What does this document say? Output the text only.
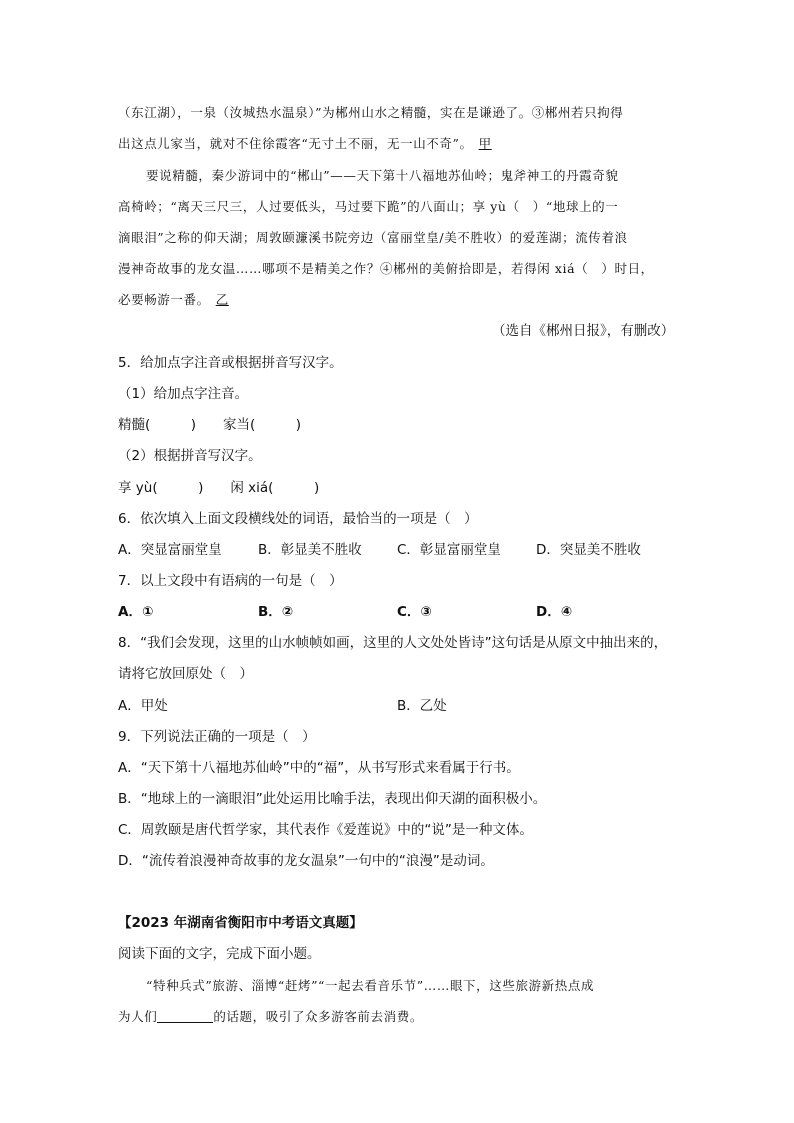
（东江湖），一泉（汝城热水温泉）”为郴州山水之精髓，实在是谦逊了。③郴州若只拘得
出这点儿家当，就对不住徐霞客“无寸土不丽，无一山不奇”。 甲
要说精髓，秦少游词中的“郴山”——天下第十八福地苏仙岭；鬼斧神工的丹霞奇貌
高椅岭；“离天三尺三，人过要低头，马过要下跪”的八面山；享 yù（　）“地球上的一
滴眼泪”之称的仰天湖；周敦颐濂溪书院旁边（富丽堂皇/美不胜收）的爱莲湖；流传着浪
漫神奇故事的龙女温……哪项不是精美之作？④郴州的美俯拾即是，若得闲 xiá（　）时日，
必要畅游一番。 乙
（选自《郴州日报》，有删改）
5．给加点字注音或根据拼音写汉字。
（1）给加点字注音。
精髓(　　　)　　家当(　　　)
（2）根据拼音写汉字。
享 yù(　　　)　　闲 xiá(　　　)
6．依次填入上面文段横线处的词语，最恰当的一项是（　）
A．突显富丽堂皇	B．彰显美不胜收	C．彰显富丽堂皇	D．突显美不胜收
7．以上文段中有语病的一句是（　）
A．①	B．②	C．③	D．④
8．“我们会发现，这里的山水帧帧如画，这里的人文处处皆诗”这句话是从原文中抽出来的，
请将它放回原处（　）
A．甲处	B．乙处
9．下列说法正确的一项是（　）
A．“天下第十八福地苏仙岭”中的“福”，从书写形式来看属于行书。
B．“地球上的一滴眼泪”此处运用比喻手法，表现出仰天湖的面积极小。
C．周敦颐是唐代哲学家，其代表作《爱莲说》中的“说”是一种文体。
D．“流传着浪漫神奇故事的龙女温泉”一句中的“浪漫”是动词。
【2023 年湖南省衡阳市中考语文真题】
阅读下面的文字，完成下面小题。
“特种兵式”旅游、淄博“赶烤”“一起去看音乐节”……眼下，这些旅游新热点成
为人们	的话题，吸引了众多游客前去消费。
